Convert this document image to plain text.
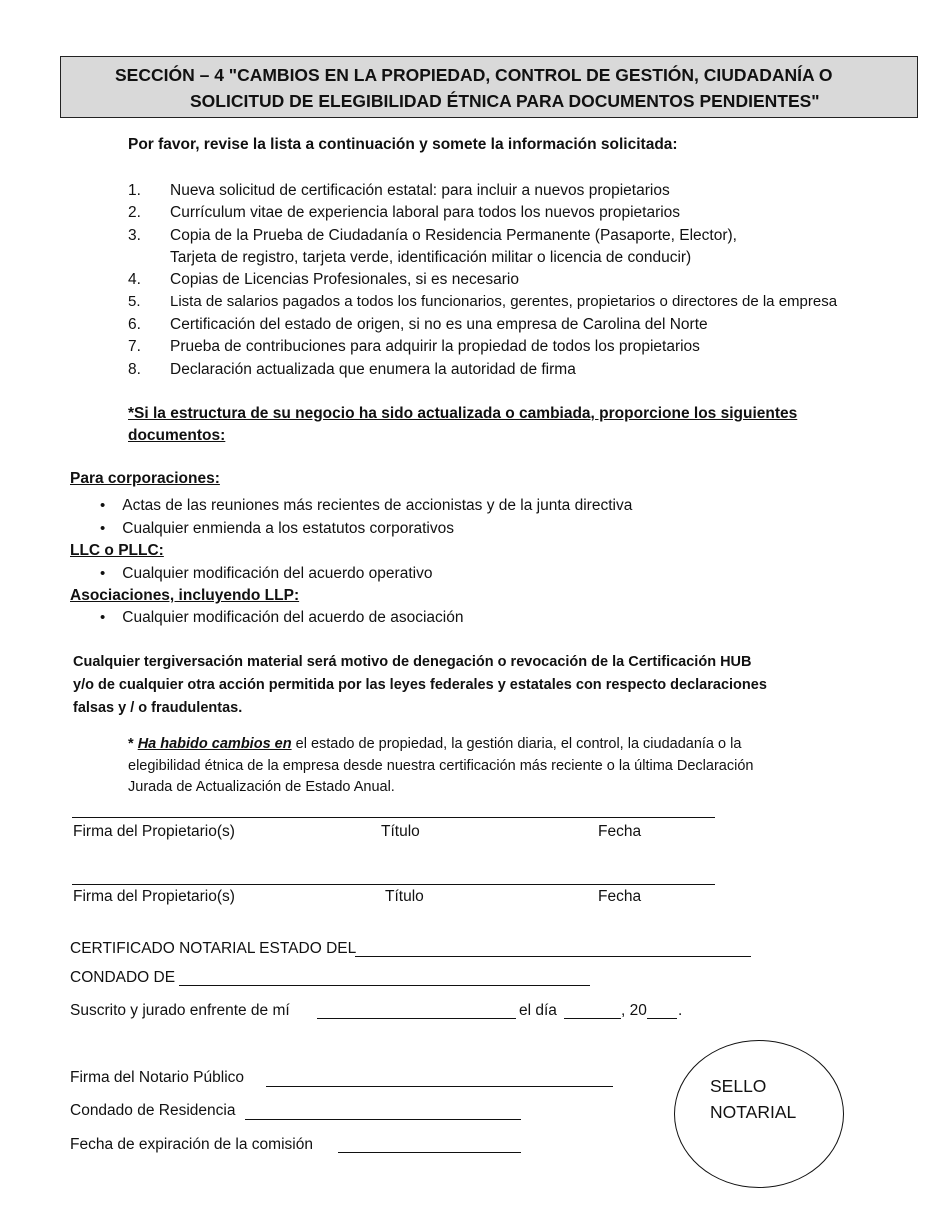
SECCIÓN – 4 "CAMBIOS EN LA PROPIEDAD, CONTROL DE GESTIÓN, CIUDADANÍA O
SOLICITUD DE ELEGIBILIDAD ÉTNICA PARA DOCUMENTOS PENDIENTES"
Por favor, revise la lista a continuación y somete la información solicitada:
1. Nueva solicitud de certificación estatal: para incluir a nuevos propietarios
2. Currículum vitae de experiencia laboral para todos los nuevos propietarios
3. Copia de la Prueba de Ciudadanía o Residencia Permanente (Pasaporte, Elector),
Tarjeta de registro, tarjeta verde, identificación militar o licencia de conducir)
4. Copias de Licencias Profesionales, si es necesario
5. Lista de salarios pagados a todos los funcionarios, gerentes, propietarios o directores de la empresa
6. Certificación del estado de origen, si no es una empresa de Carolina del Norte
7. Prueba de contribuciones para adquirir la propiedad de todos los propietarios
8. Declaración actualizada que enumera la autoridad de firma
*Si la estructura de su negocio ha sido actualizada o cambiada, proporcione los siguientes
documentos:
Para corporaciones:
• Actas de las reuniones más recientes de accionistas y de la junta directiva
• Cualquier enmienda a los estatutos corporativos
LLC o PLLC:
• Cualquier modificación del acuerdo operativo
Asociaciones, incluyendo LLP:
• Cualquier modificación del acuerdo de asociación
Cualquier tergiversación material será motivo de denegación o revocación de la Certificación HUB
y/o de cualquier otra acción permitida por las leyes federales y estatales con respecto declaraciones
falsas y / o fraudulentas.
* Ha habido cambios en el estado de propiedad, la gestión diaria, el control, la ciudadanía o la
elegibilidad étnica de la empresa desde nuestra certificación más reciente o la última Declaración
Jurada de Actualización de Estado Anual.
Firma del Propietario(s)	Título	Fecha
Firma del Propietario(s)	Título	Fecha
CERTIFICADO NOTARIAL ESTADO DEL
CONDADO DE
Suscrito y jurado enfrente de mí	el día	, 20 .
Firma del Notario Público
Condado de Residencia
Fecha de expiración de la comisión
SELLO
NOTARIAL
